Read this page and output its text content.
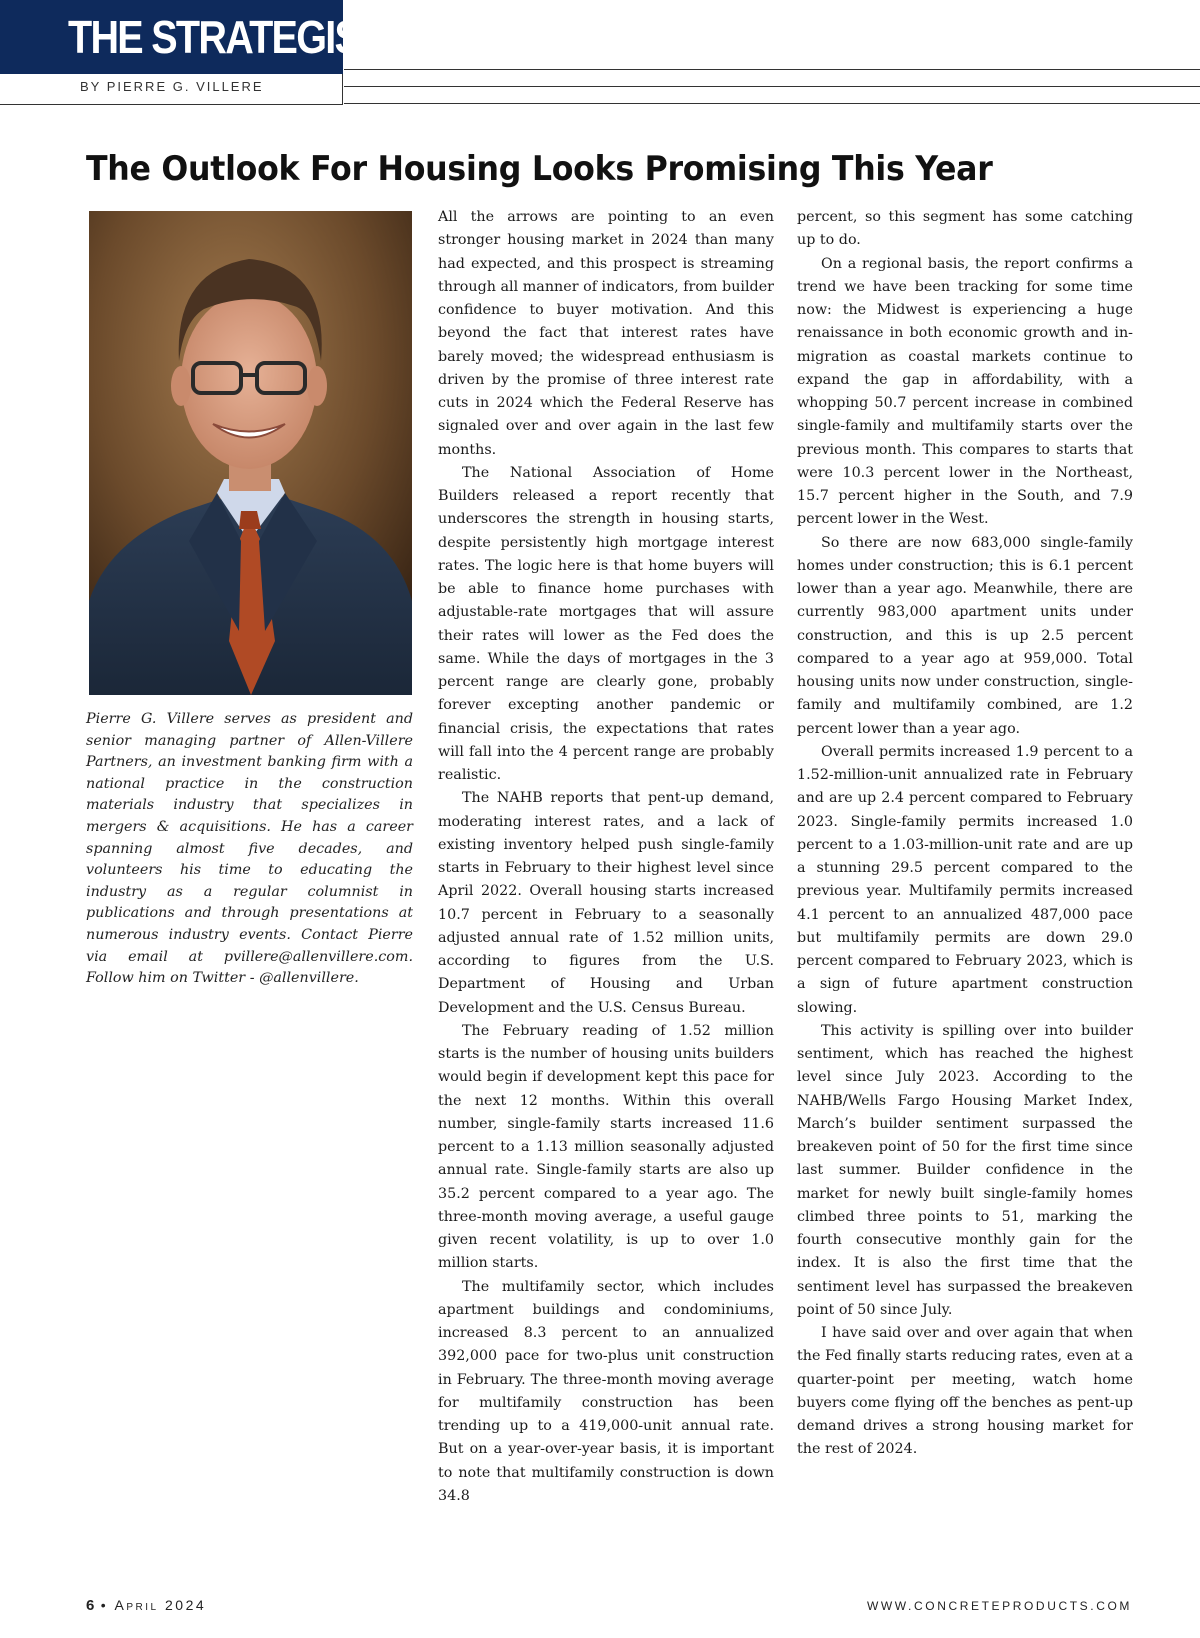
THE STRATEGIST
BY PIERRE G. VILLERE
The Outlook For Housing Looks Promising This Year
Pierre G. Villere serves as president and senior managing partner of Allen-Villere Partners, an investment banking firm with a national practice in the construction materials industry that specializes in mergers & acquisitions. He has a career spanning almost five decades, and volunteers his time to educating the industry as a regular columnist in publications and through presentations at numerous industry events. Contact Pierre via email at pvillere@allenvillere.com. Follow him on Twitter - @allenvillere.

All the arrows are pointing to an even stronger housing market in 2024 than many had expected, and this prospect is streaming through all manner of indicators, from builder confidence to buyer motivation. And this beyond the fact that interest rates have barely moved; the widespread enthusiasm is driven by the promise of three interest rate cuts in 2024 which the Federal Reserve has signaled over and over again in the last few months.

The National Association of Home Builders released a report recently that underscores the strength in housing starts, despite persistently high mortgage interest rates. The logic here is that home buyers will be able to finance home purchases with adjustable-rate mortgages that will assure their rates will lower as the Fed does the same. While the days of mortgages in the 3 percent range are clearly gone, probably forever excepting another pandemic or financial crisis, the expectations that rates will fall into the 4 percent range are probably realistic.

The NAHB reports that pent-up demand, moderating interest rates, and a lack of existing inventory helped push single-family starts in February to their highest level since April 2022. Overall housing starts increased 10.7 percent in February to a seasonally adjusted annual rate of 1.52 million units, according to figures from the U.S. Department of Housing and Urban Development and the U.S. Census Bureau.

The February reading of 1.52 million starts is the number of housing units builders would begin if development kept this pace for the next 12 months. Within this overall number, single-family starts increased 11.6 percent to a 1.13 million seasonally adjusted annual rate. Single-family starts are also up 35.2 percent compared to a year ago. The three-month moving average, a useful gauge given recent volatility, is up to over 1.0 million starts.

The multifamily sector, which includes apartment buildings and condominiums, increased 8.3 percent to an annualized 392,000 pace for two-plus unit construction in February. The three-month moving average for multifamily construction has been trending up to a 419,000-unit annual rate. But on a year-over-year basis, it is important to note that multifamily construction is down 34.8

percent, so this segment has some catching up to do.

On a regional basis, the report confirms a trend we have been tracking for some time now: the Midwest is experiencing a huge renaissance in both economic growth and in-migration as coastal markets continue to expand the gap in affordability, with a whopping 50.7 percent increase in combined single-family and multifamily starts over the previous month. This compares to starts that were 10.3 percent lower in the Northeast, 15.7 percent higher in the South, and 7.9 percent lower in the West.

So there are now 683,000 single-family homes under construction; this is 6.1 percent lower than a year ago. Meanwhile, there are currently 983,000 apartment units under construction, and this is up 2.5 percent compared to a year ago at 959,000. Total housing units now under construction, single-family and multifamily combined, are 1.2 percent lower than a year ago.

Overall permits increased 1.9 percent to a 1.52-million-unit annualized rate in February and are up 2.4 percent compared to February 2023. Single-family permits increased 1.0 percent to a 1.03-million-unit rate and are up a stunning 29.5 percent compared to the previous year. Multifamily permits increased 4.1 percent to an annualized 487,000 pace but multifamily permits are down 29.0 percent compared to February 2023, which is a sign of future apartment construction slowing.

This activity is spilling over into builder sentiment, which has reached the highest level since July 2023. According to the NAHB/Wells Fargo Housing Market Index, March’s builder sentiment surpassed the breakeven point of 50 for the first time since last summer. Builder confidence in the market for newly built single-family homes climbed three points to 51, marking the fourth consecutive monthly gain for the index. It is also the first time that the sentiment level has surpassed the breakeven point of 50 since July.

I have said over and over again that when the Fed finally starts reducing rates, even at a quarter-point per meeting, watch home buyers come flying off the benches as pent-up demand drives a strong housing market for the rest of 2024.

6 • April 2024	WWW.CONCRETEPRODUCTS.COM
